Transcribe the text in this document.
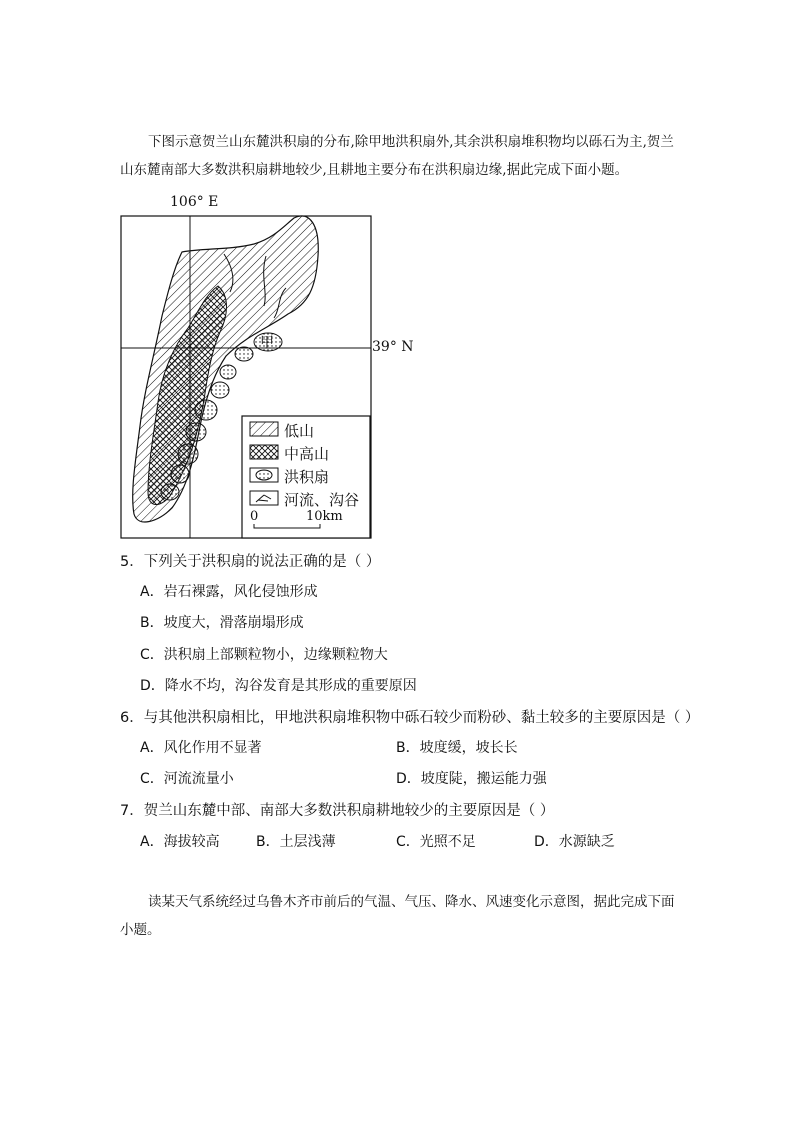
下图示意贺兰山东麓洪积扇的分布,除甲地洪积扇外,其余洪积扇堆积物均以砾石为主,贺兰山东麓南部大多数洪积扇耕地较少,且耕地主要分布在洪积扇边缘,据此完成下面小题。
106° E
39° N
甲
低山
中高山
洪积扇
河流、沟谷
0	10km
5．下列关于洪积扇的说法正确的是（ ）
A．岩石裸露，风化侵蚀形成
B．坡度大，滑落崩塌形成
C．洪积扇上部颗粒物小，边缘颗粒物大
D．降水不均，沟谷发育是其形成的重要原因
6．与其他洪积扇相比，甲地洪积扇堆积物中砾石较少而粉砂、黏土较多的主要原因是（ ）
A．风化作用不显著	B．坡度缓，坡长长
C．河流流量小	D．坡度陡，搬运能力强
7．贺兰山东麓中部、南部大多数洪积扇耕地较少的主要原因是（ ）
A．海拔较高	B．土层浅薄	C．光照不足	D．水源缺乏
读某天气系统经过乌鲁木齐市前后的气温、气压、降水、风速变化示意图，据此完成下面小题。
